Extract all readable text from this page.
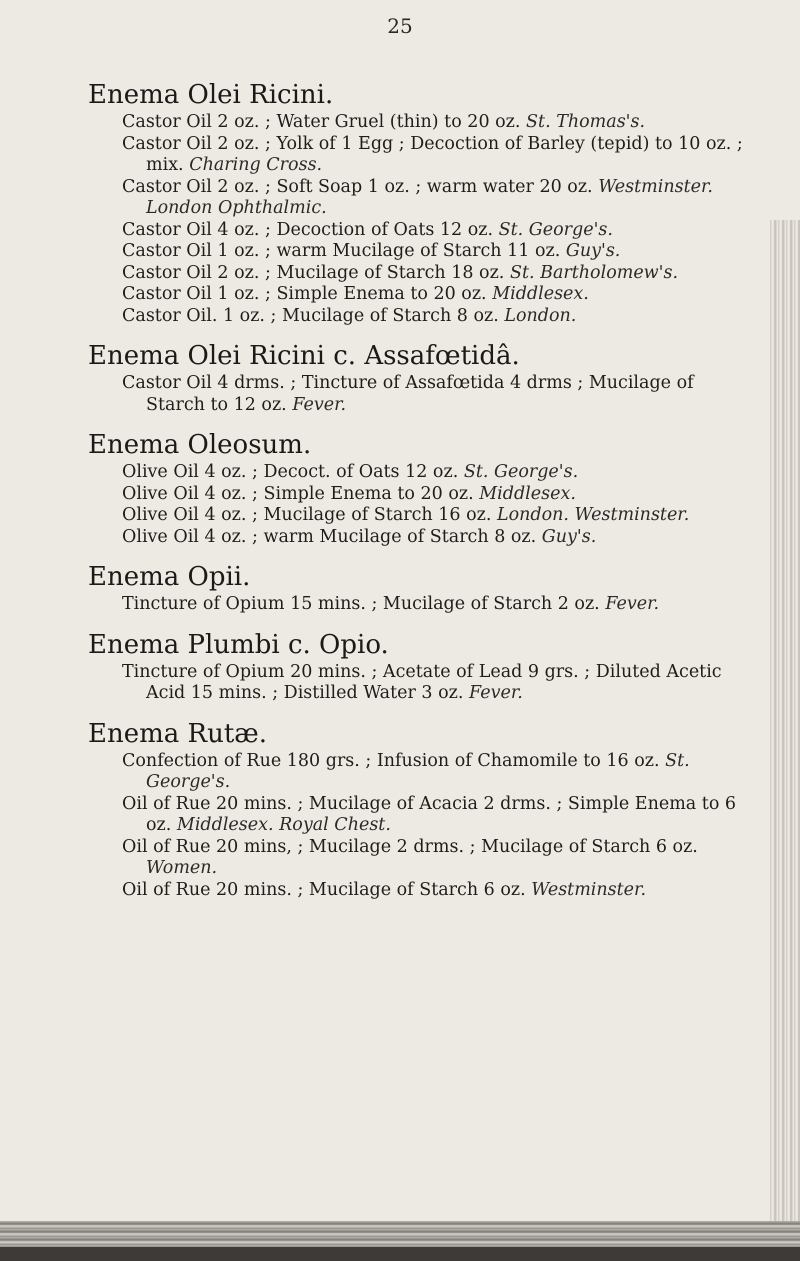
25
Enema Olei Ricini.
Castor Oil 2 oz. ; Water Gruel (thin) to 20 oz. St. Thomas's.
Castor Oil 2 oz. ; Yolk of 1 Egg ; Decoction of Barley (tepid) to 10 oz. ; mix. Charing Cross.
Castor Oil 2 oz. ; Soft Soap 1 oz. ; warm water 20 oz. Westminster. London Ophthalmic.
Castor Oil 4 oz. ; Decoction of Oats 12 oz. St. George's.
Castor Oil 1 oz. ; warm Mucilage of Starch 11 oz. Guy's.
Castor Oil 2 oz. ; Mucilage of Starch 18 oz. St. Bartholomew's.
Castor Oil 1 oz. ; Simple Enema to 20 oz. Middlesex.
Castor Oil. 1 oz. ; Mucilage of Starch 8 oz. London.
Enema Olei Ricini c. Assafœtidâ.
Castor Oil 4 drms. ; Tincture of Assafœtida 4 drms ; Mucilage of Starch to 12 oz. Fever.
Enema Oleosum.
Olive Oil 4 oz. ; Decoct. of Oats 12 oz. St. George's.
Olive Oil 4 oz. ; Simple Enema to 20 oz. Middlesex.
Olive Oil 4 oz. ; Mucilage of Starch 16 oz. London. Westminster.
Olive Oil 4 oz. ; warm Mucilage of Starch 8 oz. Guy's.
Enema Opii.
Tincture of Opium 15 mins. ; Mucilage of Starch 2 oz. Fever.
Enema Plumbi c. Opio.
Tincture of Opium 20 mins. ; Acetate of Lead 9 grs. ; Diluted Acetic Acid 15 mins. ; Distilled Water 3 oz. Fever.
Enema Rutæ.
Confection of Rue 180 grs. ; Infusion of Chamomile to 16 oz. St. George's.
Oil of Rue 20 mins. ; Mucilage of Acacia 2 drms. ; Simple Enema to 6 oz. Middlesex. Royal Chest.
Oil of Rue 20 mins, ; Mucilage 2 drms. ; Mucilage of Starch 6 oz. Women.
Oil of Rue 20 mins. ; Mucilage of Starch 6 oz. Westminster.
